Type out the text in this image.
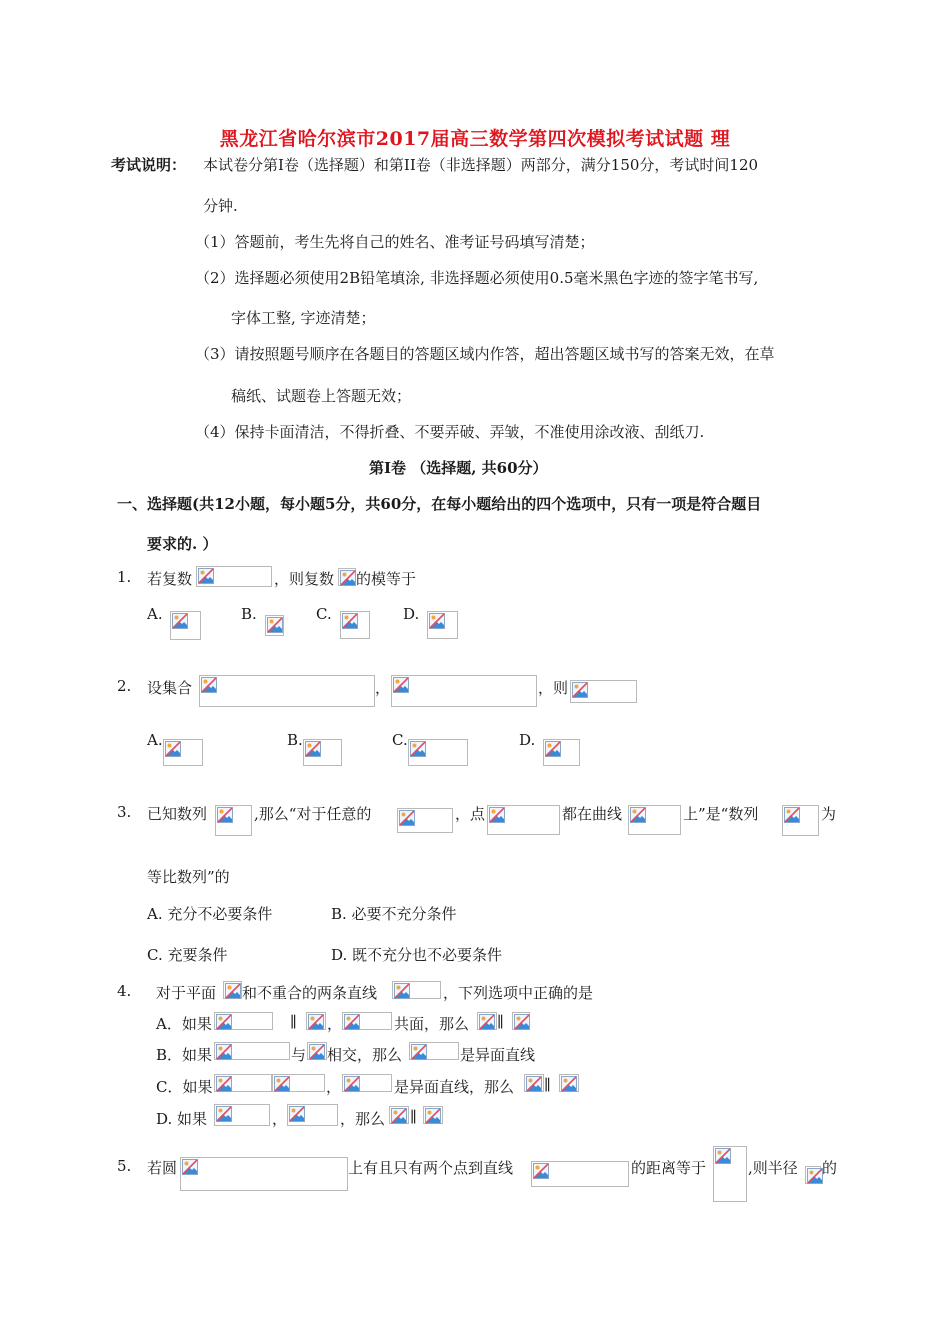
黑龙江省哈尔滨市2017届高三数学第四次模拟考试试题 理
考试说明： 本试卷分第I卷（选择题）和第II卷（非选择题）两部分，满分150分，考试时间120
分钟.
（1）答题前，考生先将自己的姓名、准考证号码填写清楚；
（2）选择题必须使用2B铅笔填涂, 非选择题必须使用0.5毫米黑色字迹的签字笔书写,
字体工整, 字迹清楚；
（3）请按照题号顺序在各题目的答题区域内作答，超出答题区域书写的答案无效，在草
稿纸、试题卷上答题无效；
（4）保持卡面清洁，不得折叠、不要弄破、弄皱，不准使用涂改液、刮纸刀.
第I卷 （选择题, 共60分）
一、选择题(共12小题，每小题5分，共60分，在每小题给出的四个选项中，只有一项是符合题目
要求的. ）
1. 若复数	，则复数 的模等于
A.	B.	C.	D.
2. 设集合	，	，则
A.	B.	C.	D.
3. 已知数列	,那么“对于任意的	，点	都在曲线	上”是“数列	为
等比数列”的
A. 充分不必要条件	B. 必要不充分条件
C. 充要条件	D. 既不充分也不必要条件
4. 对于平面 和不重合的两条直线	，下列选项中正确的是
A．如果	∥ ，	共面，那么 ∥
B．如果	与 相交，那么	是异面直线
C．如果	，	是异面直线，那么 ∥
D. 如果	，	，那么 ∥
5. 若圆	上有且只有两个点到直线	的距离等于	,则半径 的
